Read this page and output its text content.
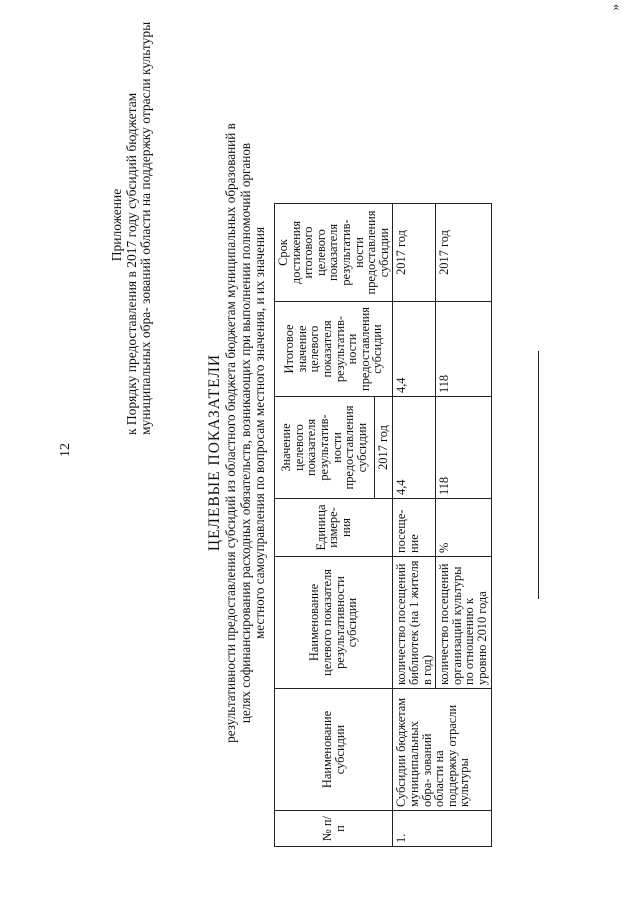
12
»
Приложение к Порядку предоставления в 2017 году субсидий бюджетам муниципальных обра- зований области на поддержку отрасли культуры
ЦЕЛЕВЫЕ ПОКАЗАТЕЛИ результативности предоставления субсидий из областного бюджета бюджетам муниципальных образований в целях софинансирования расходных обязательств, возникающих при выполнении полномочий органов местного самоуправления по вопросам местного значения, и их значения
№ п/п	Наименование субсидии	Наименование целевого показателя результативности субсидии	Единица измере- ния	Значение целевого показателя результатив- ности предоставления субсидии	Итоговое значение целевого показателя результатив- ности предоставления субсидии	Срок достижения итогового целевого показателя результатив- ности предоставления субсидии
				2017 год		
1.	Субсидии бюджетам муниципальных обра- зований области на поддержку отрасли культуры	количество посещений библиотек (на 1 жителя в год)	посеще- ние	4,4	4,4	2017 год
		количество посещений организаций культуры по отношению к уровню 2010 года	%	118	118	2017 год
